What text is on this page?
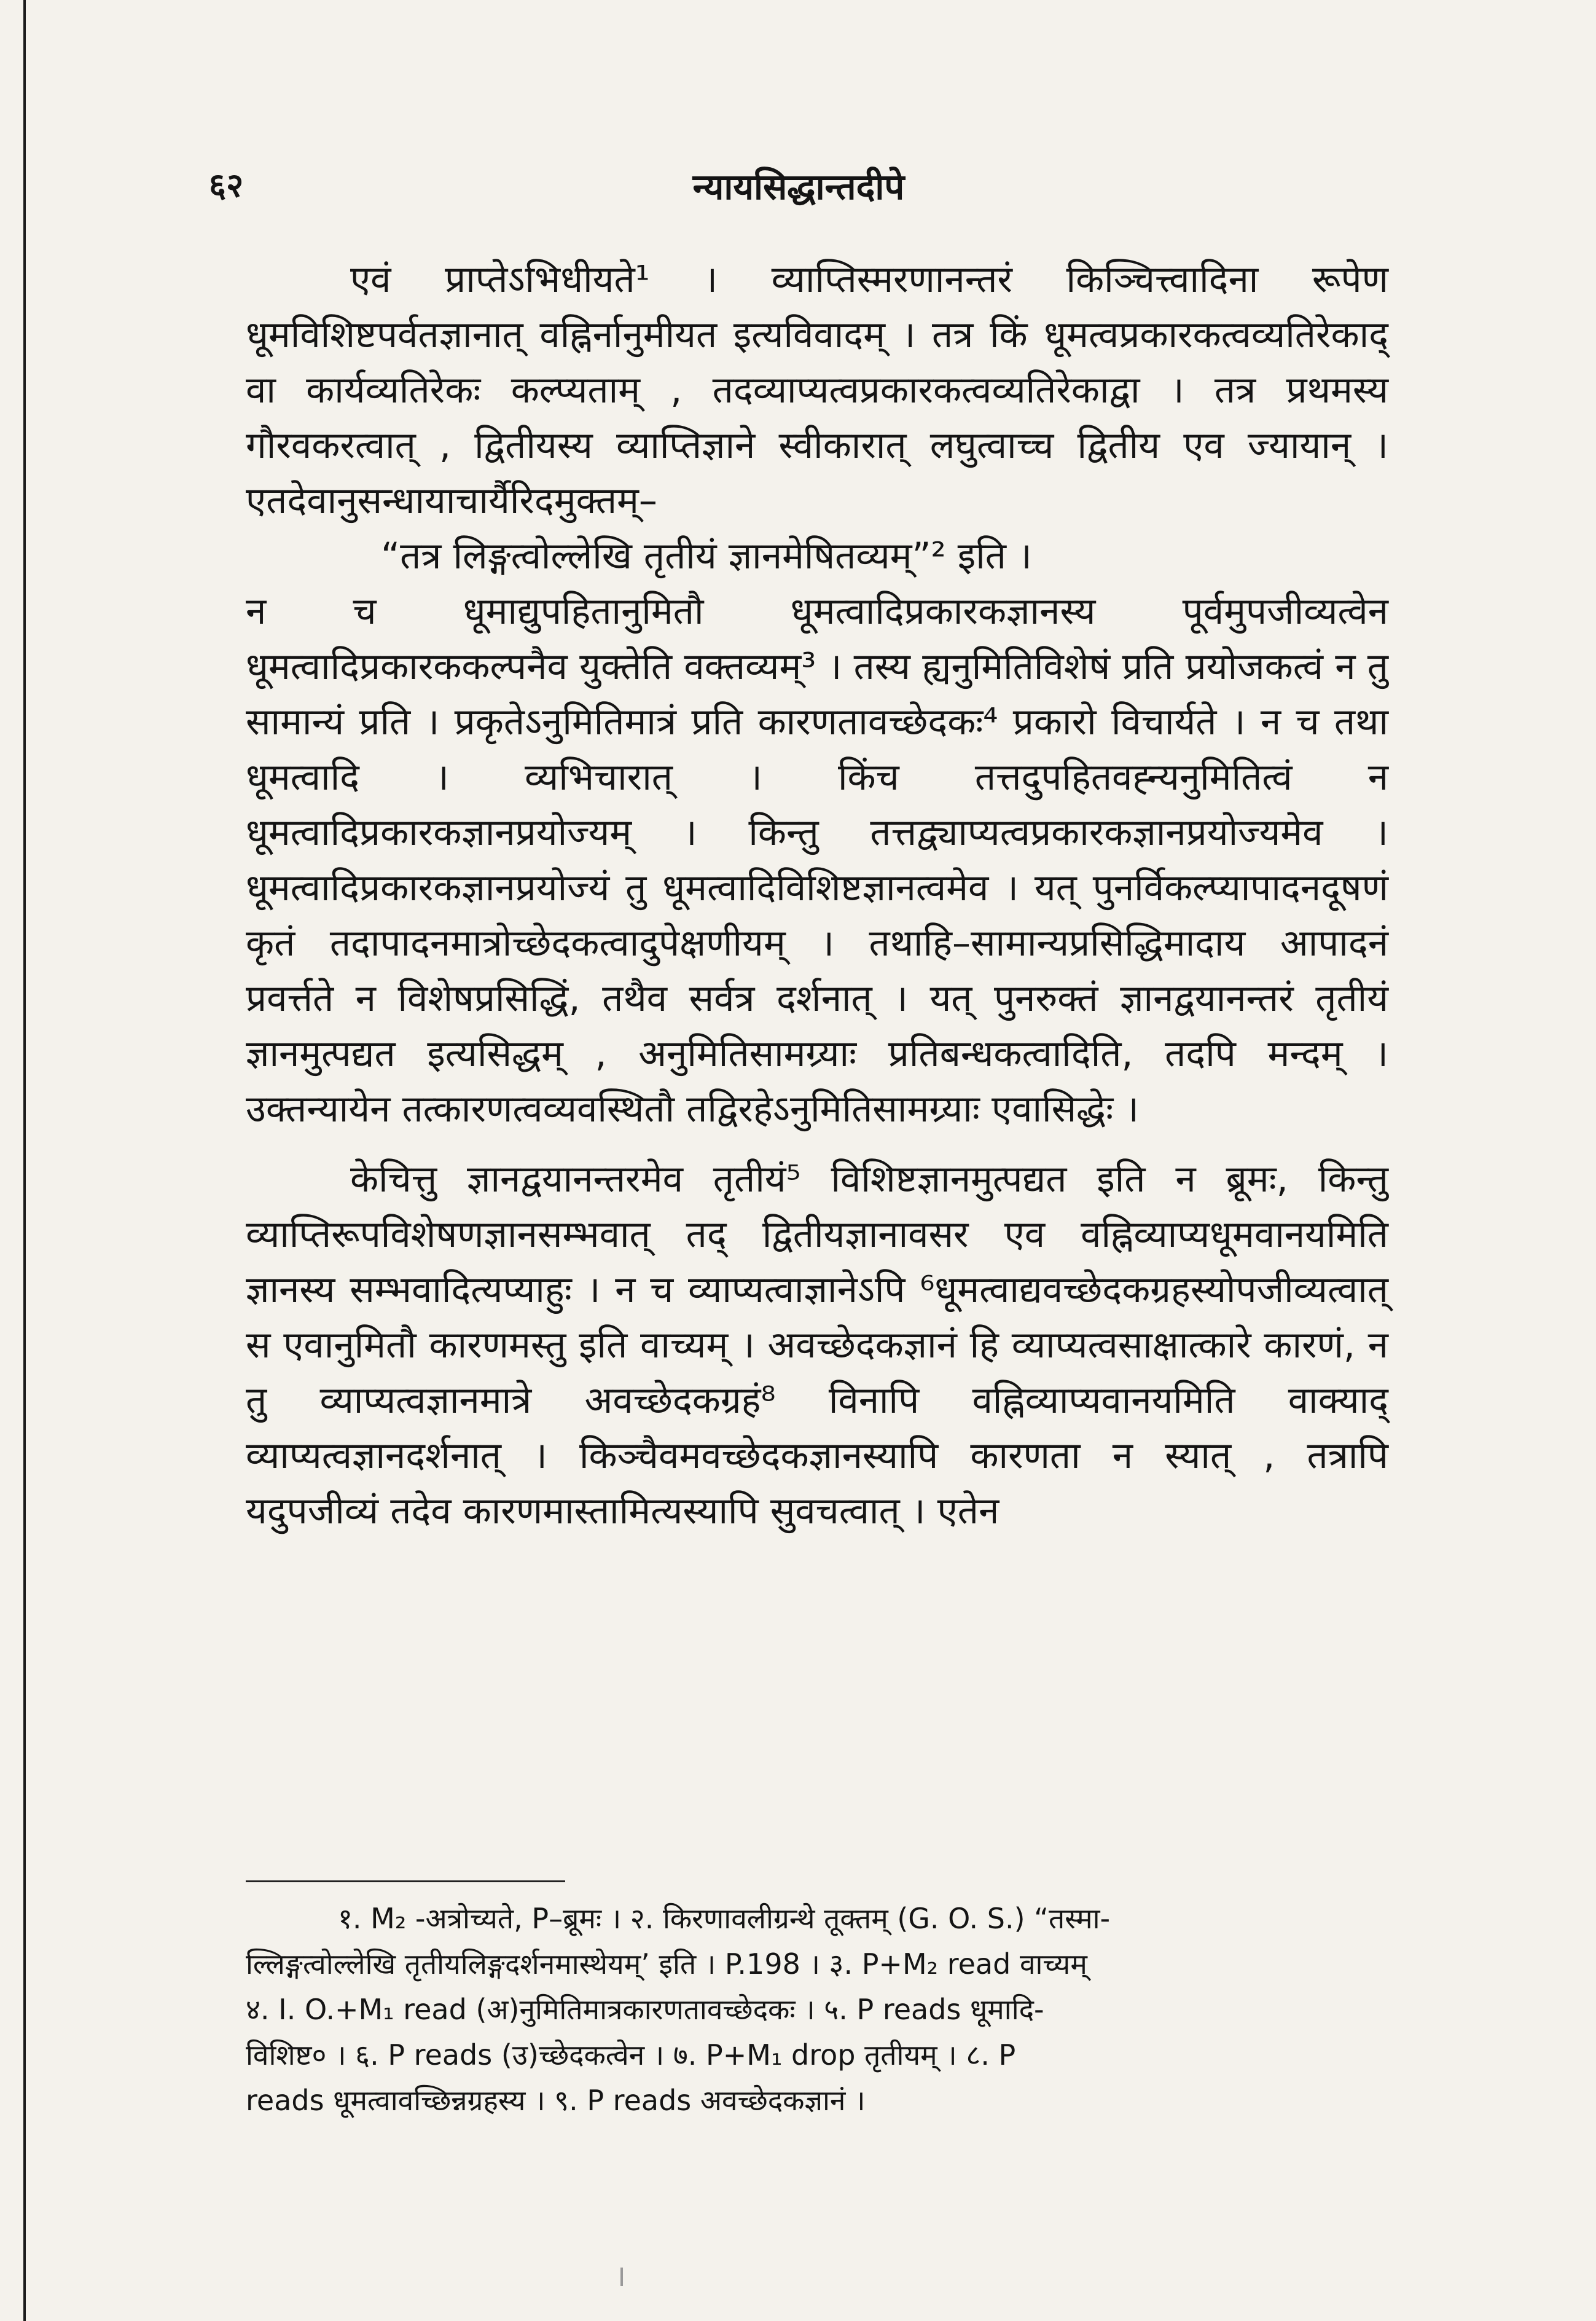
६२	न्यायसिद्धान्तदीपे

एवं प्राप्तेऽभिधीयते¹ । व्याप्तिस्मरणानन्तरं किञ्चित्त्वादिना रूपेण धूमविशिष्टपर्वतज्ञानात् वह्निर्नानुमीयत इत्यविवादम् । तत्र किं धूमत्वप्रकारकत्वव्यतिरेकाद् वा कार्यव्यतिरेकः कल्प्यताम् , तदव्याप्यत्वप्रकारकत्वव्यतिरेकाद्वा । तत्र प्रथमस्य गौरवकरत्वात् , द्वितीयस्य व्याप्तिज्ञाने स्वीकारात् लघुत्वाच्च द्वितीय एव ज्यायान् । एतदेवानुसन्धायाचार्यैरिदमुक्तम्–

“तत्र लिङ्गत्वोल्लेखि तृतीयं ज्ञानमेषितव्यम्”² इति ।

न च धूमाद्युपहितानुमितौ धूमत्वादिप्रकारकज्ञानस्य पूर्वमुपजीव्यत्वेन धूमत्वादिप्रकारककल्पनैव युक्तेति वक्तव्यम्³ । तस्य ह्यनुमितिविशेषं प्रति प्रयोजकत्वं न तु सामान्यं प्रति । प्रकृतेऽनुमितिमात्रं प्रति कारणतावच्छेदकः⁴ प्रकारो विचार्यते । न च तथा धूमत्वादि । व्यभिचारात् । किंच तत्तदुपहितवह्न्यनुमितित्वं न धूमत्वादिप्रकारकज्ञानप्रयोज्यम् । किन्तु तत्तद्व्याप्यत्वप्रकारकज्ञानप्रयोज्यमेव । धूमत्वादिप्रकारकज्ञानप्रयोज्यं तु धूमत्वादिविशिष्टज्ञानत्वमेव । यत् पुनर्विकल्प्यापादनदूषणं कृतं तदापादनमात्रोच्छेदकत्वादुपेक्षणीयम् । तथाहि–सामान्यप्रसिद्धिमादाय आपादनं प्रवर्त्तते न विशेषप्रसिद्धिं, तथैव सर्वत्र दर्शनात् । यत् पुनरुक्तं ज्ञानद्वयानन्तरं तृतीयं ज्ञानमुत्पद्यत इत्यसिद्धम् , अनुमितिसामग्र्याः प्रतिबन्धकत्वादिति, तदपि मन्दम् । उक्तन्यायेन तत्कारणत्वव्यवस्थितौ तद्विरहेऽनुमितिसामग्र्याः एवासिद्धेः ।

केचित्तु ज्ञानद्वयानन्तरमेव तृतीयं⁵ विशिष्टज्ञानमुत्पद्यत इति न ब्रूमः, किन्तु व्याप्तिरूपविशेषणज्ञानसम्भवात् तद् द्वितीयज्ञानावसर एव वह्निव्याप्यधूमवानयमिति ज्ञानस्य सम्भवादित्यप्याहुः । न च व्याप्यत्वाज्ञानेऽपि ⁶धूमत्वाद्यवच्छेदकग्रहस्योपजीव्यत्वात् स एवानुमितौ कारणमस्तु इति वाच्यम् । अवच्छेदकज्ञानं हि व्याप्यत्वसाक्षात्कारे कारणं, न तु व्याप्यत्वज्ञानमात्रे अवच्छेदकग्रहं⁸ विनापि वह्निव्याप्यवानयमिति वाक्याद् व्याप्यत्वज्ञानदर्शनात् । किञ्चैवमवच्छेदकज्ञानस्यापि कारणता न स्यात् , तत्रापि यदुपजीव्यं तदेव कारणमास्तामित्यस्यापि सुवचत्वात् । एतेन

१. M₂ -अत्रोच्यते, P–ब्रूमः । २. किरणावलीग्रन्थे तूक्तम् (G. O. S.) “तस्मा-

ल्लिङ्गत्वोल्लेखि तृतीयलिङ्गदर्शनमास्थेयम्’ इति । P.198 । ३. P+M₂ read वाच्यम्

४. I. O.+M₁ read (अ)नुमितिमात्रकारणतावच्छेदकः । ५. P reads धूमादि-

विशिष्ट० । ६. P reads (उ)च्छेदकत्वेन । ७. P+M₁ drop तृतीयम् । ८. P

reads धूमत्वावच्छिन्नग्रहस्य । ९. P reads अवच्छेदकज्ञानं ।
